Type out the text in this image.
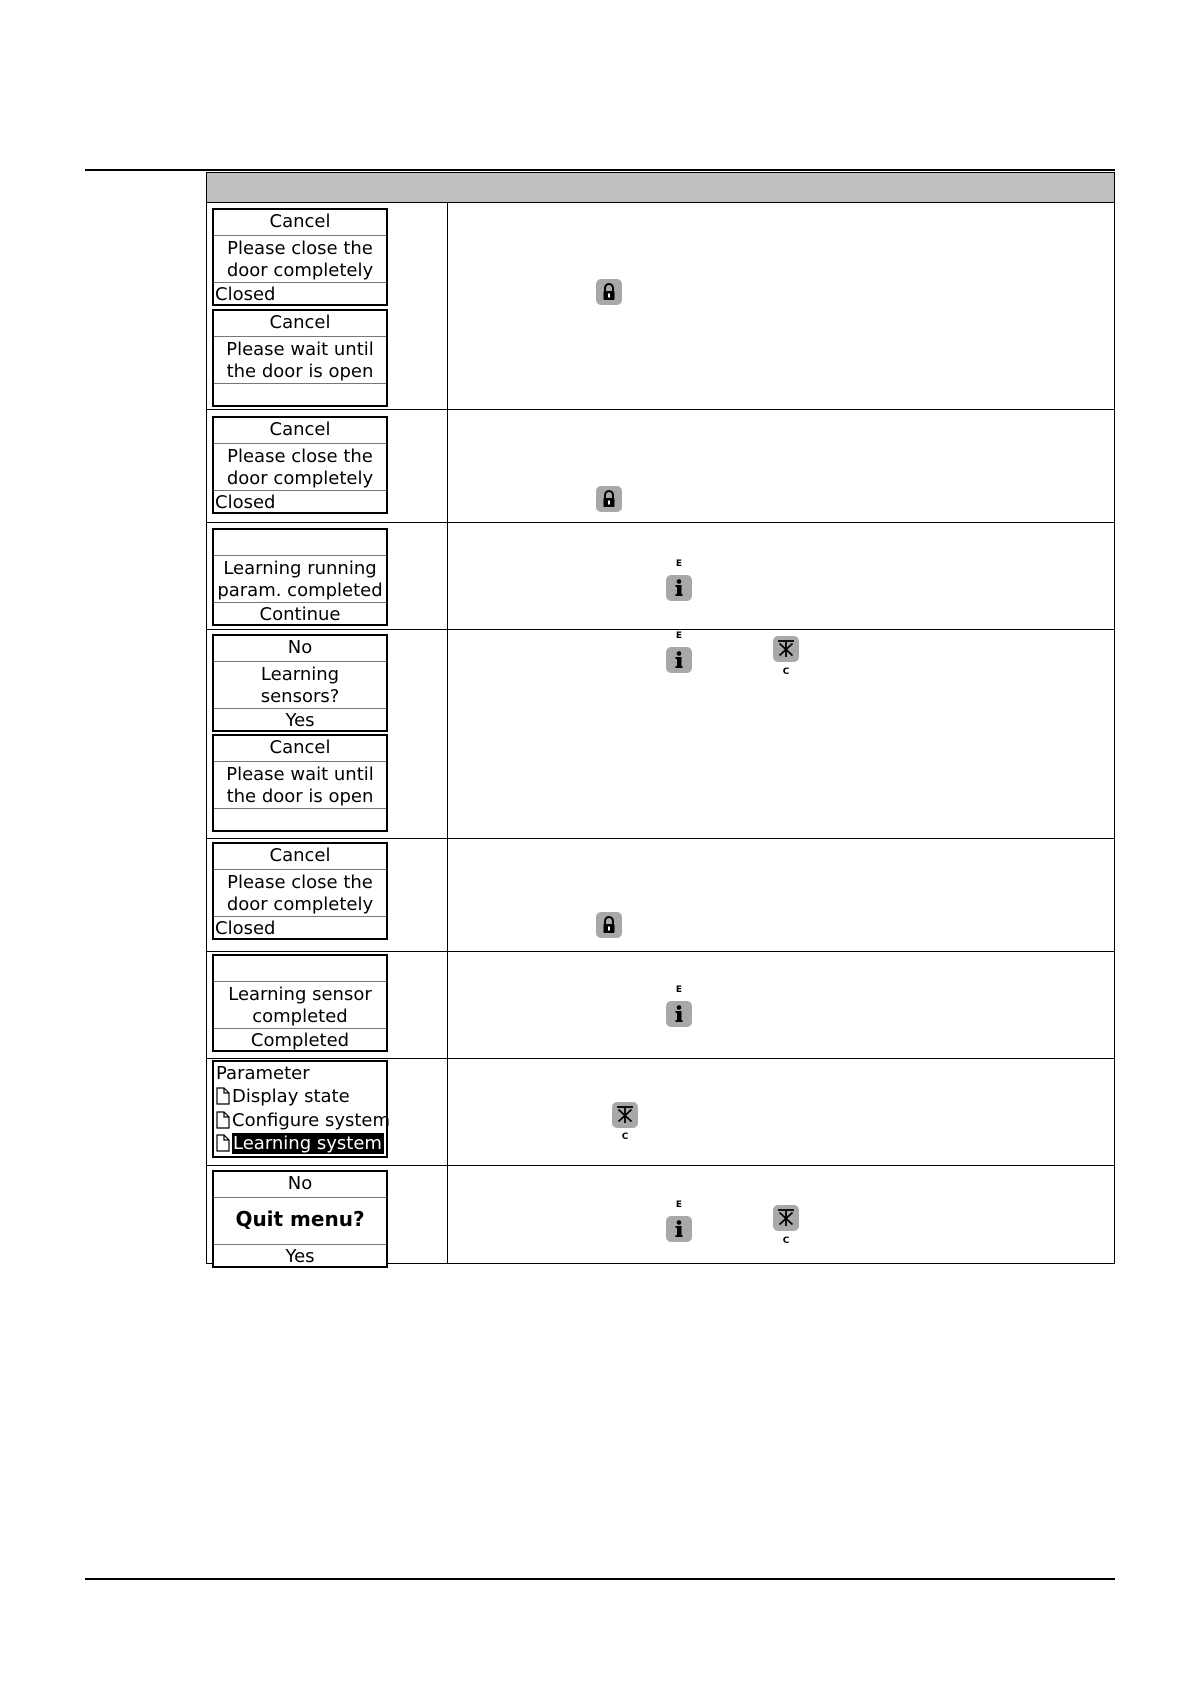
Cancel
Please close the
door completely
Closed
Cancel
Please wait until
the door is open
Cancel
Please close the
door completely
Closed
Learning running
param. completed
Continue
E
No
Learning
sensors?
Yes
Cancel
Please wait until
the door is open
E
C
Cancel
Please close the
door completely
Closed
Learning sensor
completed
Completed
E
Parameter
Display state
Configure system
Learning system	C
No
Quit menu?
Yes
E
C
